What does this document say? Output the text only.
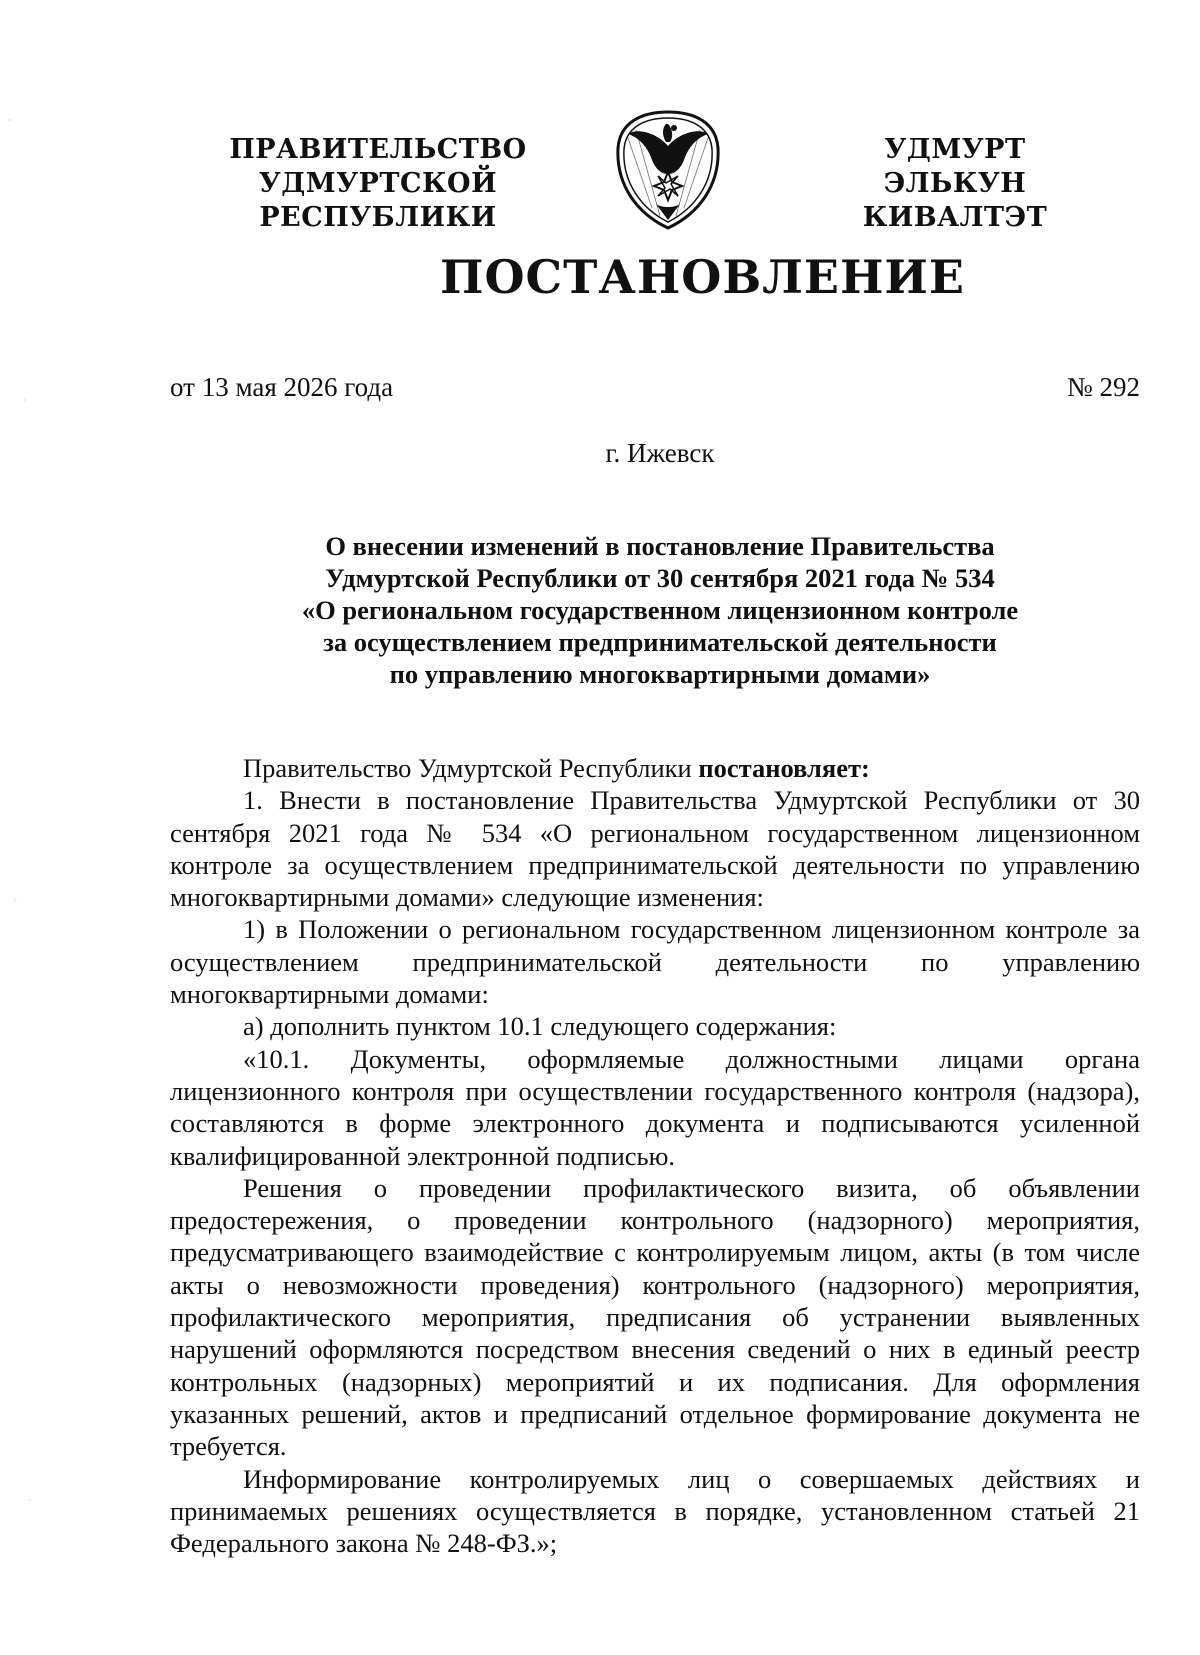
ПРАВИТЕЛЬСТВО
УДМУРТСКОЙ РЕСПУБЛИКИ
УДМУРТ ЭЛЬКУН
КИВАЛТЭТ
ПОСТАНОВЛЕНИЕ
от 13 мая 2026 года	№ 292
г. Ижевск
О внесении изменений в постановление Правительства
Удмуртской Республики от 30 сентября 2021 года № 534
«О региональном государственном лицензионном контроле
за осуществлением предпринимательской деятельности
по управлению многоквартирными домами»

Правительство Удмуртской Республики постановляет:

1. Внести в постановление Правительства Удмуртской Республики от 30 сентября 2021 года № 534 «О региональном государственном лицензионном контроле за осуществлением предпринимательской деятельности по управлению многоквартирными домами» следующие изменения:

1) в Положении о региональном государственном лицензионном контроле за осуществлением предпринимательской деятельности по управлению многоквартирными домами:

а) дополнить пунктом 10.1 следующего содержания:

«10.1. Документы, оформляемые должностными лицами органа лицензионного контроля при осуществлении государственного контроля (надзора), составляются в форме электронного документа и подписываются усиленной квалифицированной электронной подписью.

Решения о проведении профилактического визита, об объявлении предостережения, о проведении контрольного (надзорного) мероприятия, предусматривающего взаимодействие с контролируемым лицом, акты (в том числе акты о невозможности проведения) контрольного (надзорного) мероприятия, профилактического мероприятия, предписания об устранении выявленных нарушений оформляются посредством внесения сведений о них в единый реестр контрольных (надзорных) мероприятий и их подписания. Для оформления указанных решений, актов и предписаний отдельное формирование документа не требуется.

Информирование контролируемых лиц о совершаемых действиях и принимаемых решениях осуществляется в порядке, установленном статьей 21 Федерального закона № 248-ФЗ.»;
